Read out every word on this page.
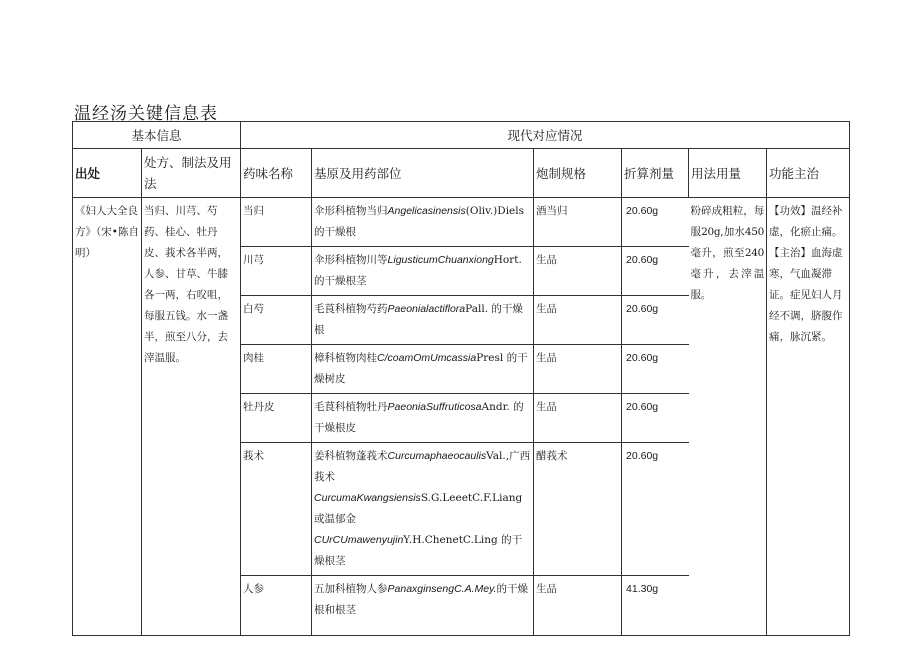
温经汤关键信息表
基本信息		现代对应情况					
出处	处方、制法及用法	药味名称	基原及用药部位	炮制规格	折算剂量	用法用量	功能主治
《妇人大全良方》（宋•陈自明）	当归、川芎、芍药、桂心、牡丹皮、莪术各半两，人参、甘草、牛膝各一两，右㕮咀，每服五钱。水一盏半，煎至八分，去滓温服。	当归	伞形科植物当归Angelicasinensis(Oliv.)Diels 的干燥根	酒当归	20.60g	粉碎成粗粒，每服20g,加水450毫升，煎至240毫升，去滓温服。	【功效】温经补虚，化瘀止痛。
【主治】血海虚寒，气血凝滞证。症见妇人月经不调，脐腹作痛，脉沉紧。

		川芎	伞形科植物川等LigusticumChuanxiongHort. 的干燥根茎	生品	20.60g		
		白芍	毛莨科植物芍药PaeonialactifloraPall. 的干燥根	生品	20.60g		
		肉桂	樟科植物肉桂C/coamOmUmcassiaPresl 的干燥树皮	生品	20.60g		
		牡丹皮	毛茛科植物牡丹PaeoniaSuffruticosaAndr. 的干燥根皮	生品	20.60g		
		莪术	姜科植物蓬莪术CurcumaphaeocaulisVal.,广西莪术CurcumaKwangsiensisS.G.LeeetC.F.Liang 或温郁金CUrCUmawenyujinY.H.ChenetC.Ling 的干燥根茎	醋莪术	20.60g		
		人参	五加科植物人参PanaxginsengC.A.Mey.的干燥根和根茎	生品	41.30g		
